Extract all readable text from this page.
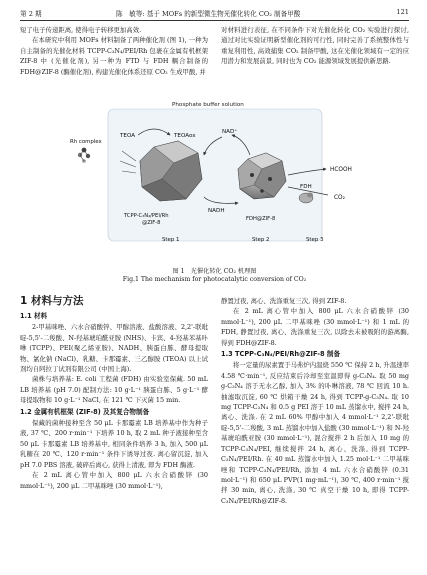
第 2 期	陈　敏等: 基于 MOFs 的新型微生物光催化转化 CO₂ 制备甲酸	121

短了电子传递距离, 使得电子转移更加高效.

在本研究中利用 MOFs 材料制备了两种催化剂 (图 1), 一种为自主制备的光催化材料 TCPP-C₃N₄/PEI/Rh 包裹在金属有机框架 ZIF-8 中 (光催化剂), 另一种为 FTD 与 FDH 耦合制备的 FDH@ZIF-8 (酶催化剂), 构建光催化体系还原 CO₂ 生成甲酸, 并

对材料进行表征, 在不同条件下对光催化转化 CO₂ 实验进行探讨, 通过对比实验证明新型催化剂的可行性, 同时完善了系统整体性与重复利用性, 高效捕集 CO₂ 制备甲酸, 这在光催化领域有一定的应用潜力和发展前景, 同时也为 CO₂ 能源领域发展提供新思路.

Phosphate buffer solution
Rh complex
TEOA	TEOAox
TCPP-C₃N₄/PEI/Rh
@ZIF-8
NAD⁺
NADH
FDH@ZIF-8
FDH
HCOOH
CO₂
Step 1	Step 2	Step 3
图 1　光催化转化 CO₂ 机理图
Fig.1 The mechanism for photocatalytic conversion of CO₂
1 材料与方法
1.1 材料

2-甲基咪唑、六水合硝酸锌、甲醇溶液、盐酸溶液、2,2'-联吡啶-5,5'-二羧酸、N-羟基琥珀酰亚胺 (NHS)、卡宾、4-羟基苯基卟啉 (TCPP)、PEI(聚乙烯亚胺)、NADH、胰蛋白胨、酵母提取物、氯化钠 (NaCl)、乳糖、卡那霉素、三乙醇胺 (TEOA) 以上试剂均自阿拉丁试剂有限公司 (中国上海).

菌株与培养基: E. coli 工程菌 (FDH) 由实验室保藏. 50 mL LB 培养基 (pH 7.0) 配制方法: 10 g·L⁻¹ 胰蛋白胨、5 g·L⁻¹ 酵母提取物和 10 g·L⁻¹ NaCl, 在 121 ℃ 下灭菌 15 min.

1.2 金属有机框架 (ZIF-8) 及其复合物制备

保藏的菌种接种至含 50 μL 卡那霉素 LB 培养基中作为种子液, 37 ℃、200 r·min⁻¹ 下培养 10 h, 取 2 mL 种子液接种至含 50 μL 卡那霉素 LB 培养基中, 相同条件培养 3 h, 加入 500 μL 乳糖在 20 ℃、120 r·min⁻¹ 条件下诱导过夜. 离心留沉淀, 加入 pH 7.0 PBS 溶液, 破碎后离心, 获得上清液, 即为 FDH 酶液.

在 2 mL 离心管中加入 800 μL 六水合硝酸锌 (30 mmol·L⁻¹), 200 μL 二甲基咪唑 (30 mmol·L⁻¹),

静置过夜, 离心、洗涤重复三次, 得到 ZIF-8.

在 2 mL 离心管中加入 800 μL 六水合硝酸锌 (30 mmol·L⁻¹), 200 μL 二甲基咪唑 (30 mmol·L⁻¹) 和 1 mL 的 FDH, 静置过夜, 离心、洗涤重复三次, 以除去未被吸附的游离酶, 得到 FDH@ZIF-8.

1.3 TCPP-C₃N₄/PEI/Rh@ZIF-8 制备

将一定量的尿素置于马弗炉内温烧 550 ℃ 保持 2 h, 升温速率 4.58 ℃·min⁻¹, 反应结束后冷却至室温即得 g-C₃N₄. 取 50 mg g-C₃N₄ 溶于无水乙醇, 加入 3% 的卟啉溶液, 78 ℃ 回流 10 h. 抽滤取沉淀, 60 ℃ 烘箱干燥 24 h, 得到 TCPP-g-C₃N₄. 取 10 mg TCPP-C₃N₄ 和 0.5 g PEI 溶于 10 mL 蒸馏水中, 搅拌 24 h, 离心、洗涤. 在 2 mL 60% 甲醇中加入 4 mmol·L⁻¹ 2,2'-联吡啶-5,5'-二羧酸, 3 mL 蒸馏水中加入盐酸 (30 mmol·L⁻¹) 和 N-羟基琥珀酰亚胺 (30 mmol·L⁻¹), 混合搅拌 2 h 后加入 10 mg 的 TCPP-C₃N₄/PEI, 继续搅拌 24 h, 离心、洗涤, 得到 TCPP-C₃N₄/PEI/Rh. 在 40 mL 蒸馏水中加入 1.25 mol·L⁻¹ 二甲基咪唑和 TCPP-C₃N₄/PEI/Rh, 添加 4 mL 六水合硝酸锌 (0.31 mol·L⁻¹) 和 650 μL PVP(1 mg·mL⁻¹), 30 ℃, 400 r·min⁻¹ 搅拌 30 min, 离心, 洗涤, 30 ℃ 真空干燥 10 h, 即得 TCPP-C₃N₄/PEI/Rh@ZIF-8.
